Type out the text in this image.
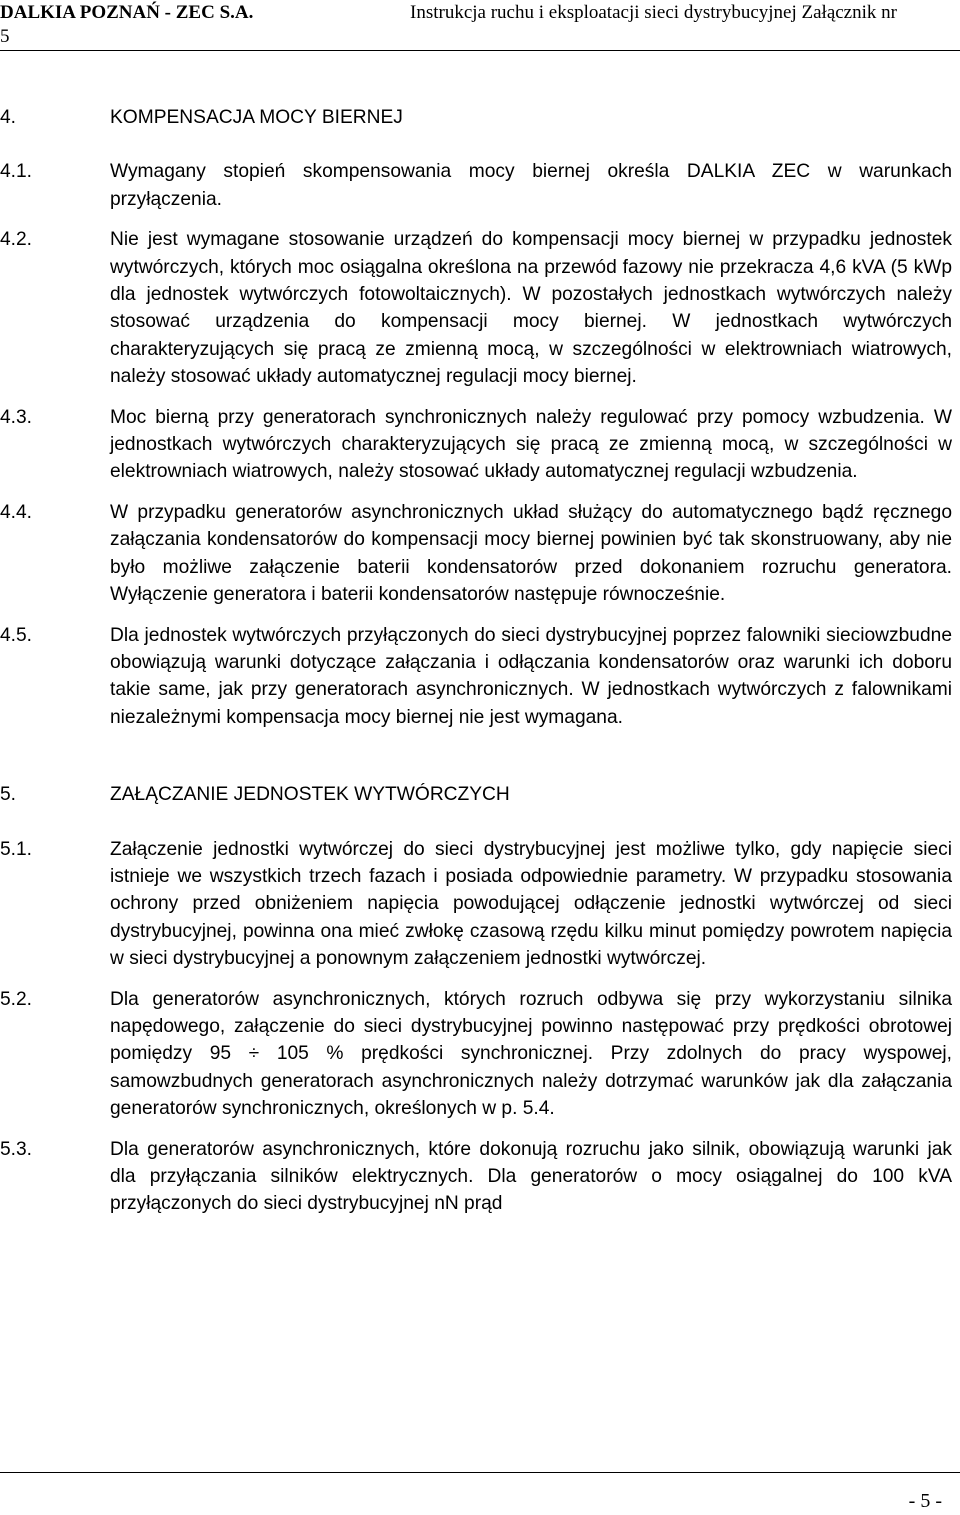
DALKIA POZNAŃ - ZEC S.A.	Instrukcja ruchu i eksploatacji sieci dystrybucyjnej Załącznik nr
5
4.	KOMPENSACJA MOCY BIERNEJ
4.1.	Wymagany stopień skompensowania mocy biernej określa DALKIA ZEC w warunkach przyłączenia.
4.2.	Nie jest wymagane stosowanie urządzeń do kompensacji mocy biernej w przypadku jednostek wytwórczych, których moc osiągalna określona na przewód fazowy nie przekracza 4,6 kVA (5 kWp dla jednostek wytwórczych fotowoltaicznych). W pozostałych jednostkach wytwórczych należy stosować urządzenia do kompensacji mocy biernej. W jednostkach wytwórczych charakteryzujących się pracą ze zmienną mocą, w szczególności w elektrowniach wiatrowych, należy stosować układy automatycznej regulacji mocy biernej.
4.3.	Moc bierną przy generatorach synchronicznych należy regulować przy pomocy wzbudzenia. W jednostkach wytwórczych charakteryzujących się pracą ze zmienną mocą, w szczególności w elektrowniach wiatrowych, należy stosować układy automatycznej regulacji wzbudzenia.
4.4.	W przypadku generatorów asynchronicznych układ służący do automatycznego bądź ręcznego załączania kondensatorów do kompensacji mocy biernej powinien być tak skonstruowany, aby nie było możliwe załączenie baterii kondensatorów przed dokonaniem rozruchu generatora. Wyłączenie generatora i baterii kondensatorów następuje równocześnie.
4.5.	Dla jednostek wytwórczych przyłączonych do sieci dystrybucyjnej poprzez falowniki sieciowzbudne obowiązują warunki dotyczące załączania i odłączania kondensatorów oraz warunki ich doboru takie same, jak przy generatorach asynchronicznych. W jednostkach wytwórczych z falownikami niezależnymi kompensacja mocy biernej nie jest wymagana.
5.	ZAŁĄCZANIE JEDNOSTEK WYTWÓRCZYCH
5.1.	Załączenie jednostki wytwórczej do sieci dystrybucyjnej jest możliwe tylko, gdy napięcie sieci istnieje we wszystkich trzech fazach i posiada odpowiednie parametry. W przypadku stosowania ochrony przed obniżeniem napięcia powodującej odłączenie jednostki wytwórczej od sieci dystrybucyjnej, powinna ona mieć zwłokę czasową rzędu kilku minut pomiędzy powrotem napięcia w sieci dystrybucyjnej a ponownym załączeniem jednostki wytwórczej.
5.2.	Dla generatorów asynchronicznych, których rozruch odbywa się przy wykorzystaniu silnika napędowego, załączenie do sieci dystrybucyjnej powinno następować przy prędkości obrotowej pomiędzy 95 ÷ 105 % prędkości synchronicznej. Przy zdolnych do pracy wyspowej, samowzbudnych generatorach asynchronicznych należy dotrzymać warunków jak dla załączania generatorów synchronicznych, określonych w p. 5.4.
5.3.	Dla generatorów asynchronicznych, które dokonują rozruchu jako silnik, obowiązują warunki jak dla przyłączania silników elektrycznych. Dla generatorów o mocy osiągalnej do 100 kVA przyłączonych do sieci dystrybucyjnej nN prąd
- 5 -
